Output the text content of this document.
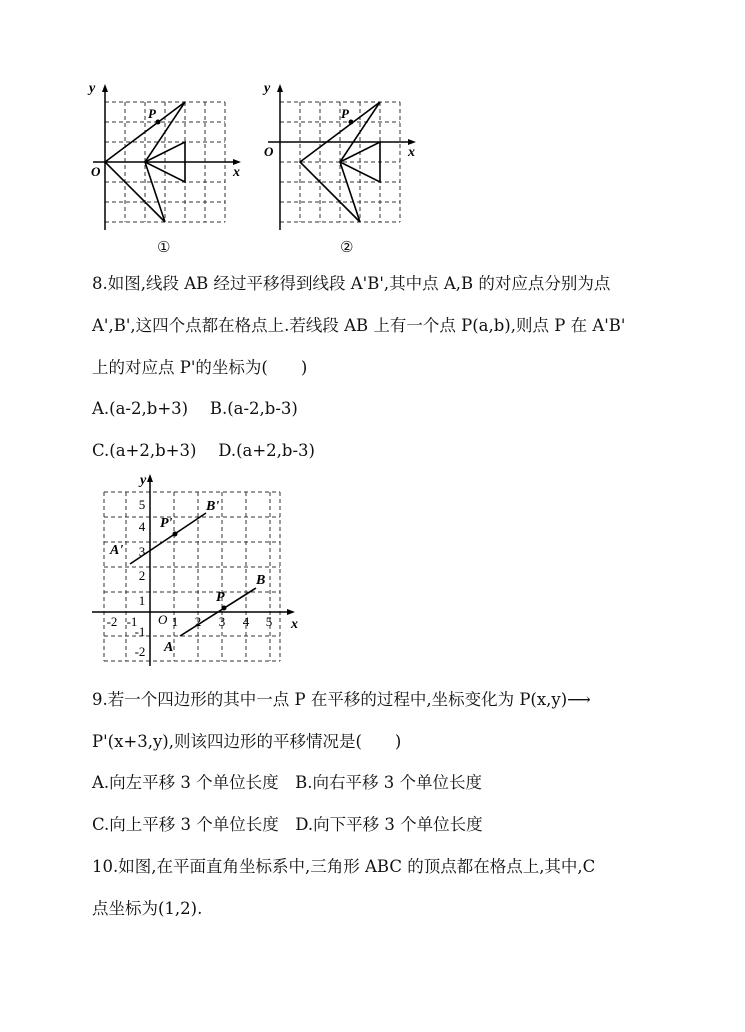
y
x
O
P
①
y
x
O
P
②
8.如图,线段 AB 经过平移得到线段 A'B',其中点 A,B 的对应点分别为点
A',B',这四个点都在格点上.若线段 AB 上有一个点 P(a,b),则点 P 在 A'B'
上的对应点 P'的坐标为(　　)
A.(a-2,b+3)　 B.(a-2,b-3)
C.(a+2,b+3)　 D.(a+2,b-3)
y
x
O
5
4
3
2
1
-1
-2
-2 -1	1 2 3 4 5
A'
B'
P'
A
B
P
9.若一个四边形的其中一点 P 在平移的过程中,坐标变化为 P(x,y)⟶
P'(x+3,y),则该四边形的平移情况是(　　)
A.向左平移 3 个单位长度　B.向右平移 3 个单位长度
C.向上平移 3 个单位长度　D.向下平移 3 个单位长度
10.如图,在平面直角坐标系中,三角形 ABC 的顶点都在格点上,其中,C
点坐标为(1,2).
